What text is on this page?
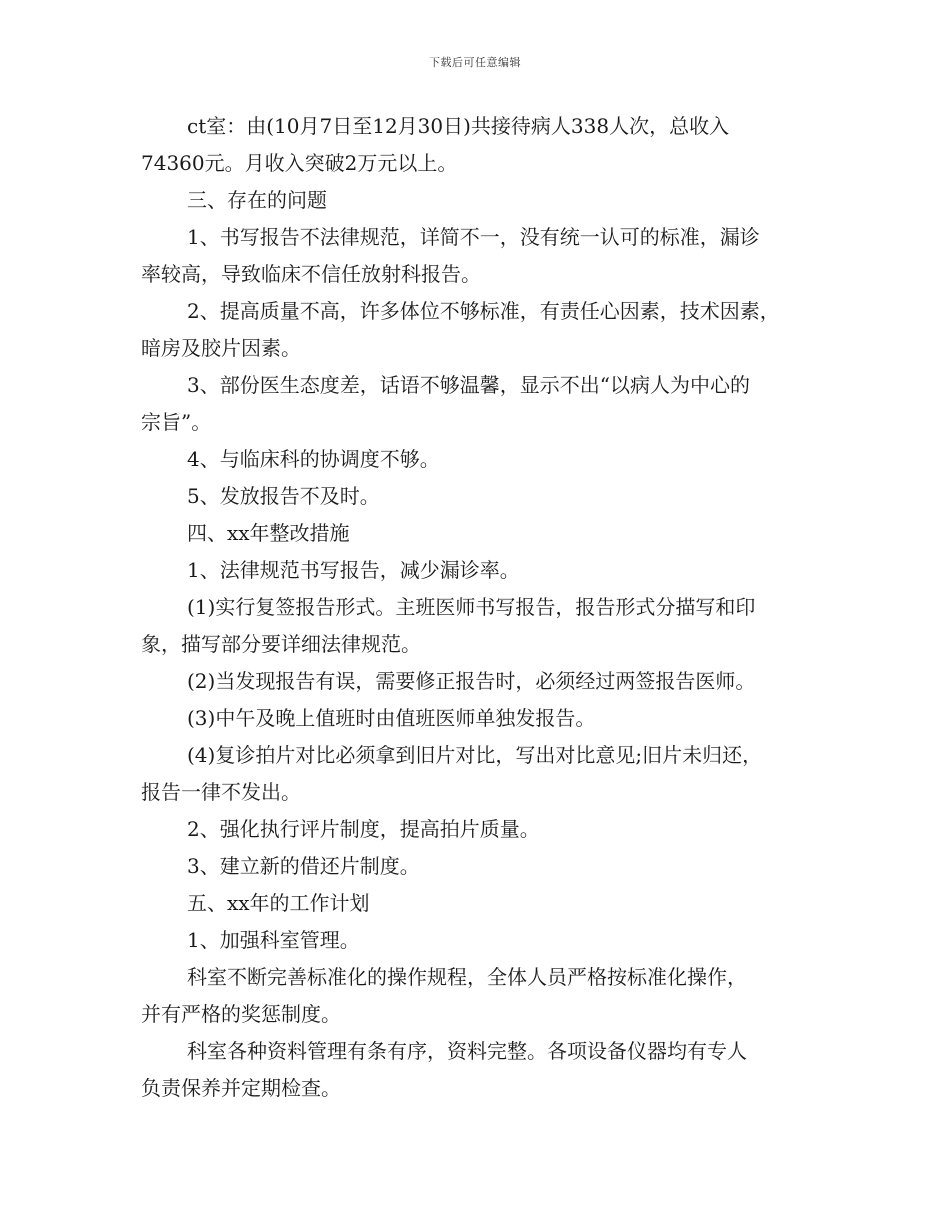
下载后可任意编辑

ct室：由(10月7日至12月30日)共接待病人338人次，总收入

74360元。月收入突破2万元以上。

三、存在的问题

1、书写报告不法律规范，详简不一，没有统一认可的标准，漏诊

率较高，导致临床不信任放射科报告。

2、提高质量不高，许多体位不够标准，有责任心因素，技术因素，

暗房及胶片因素。

3、部份医生态度差，话语不够温馨，显示不出“以病人为中心的

宗旨”。

4、与临床科的协调度不够。

5、发放报告不及时。

四、xx年整改措施

1、法律规范书写报告，减少漏诊率。

(1)实行复签报告形式。主班医师书写报告，报告形式分描写和印

象，描写部分要详细法律规范。

(2)当发现报告有误，需要修正报告时，必须经过两签报告医师。

(3)中午及晚上值班时由值班医师单独发报告。

(4)复诊拍片对比必须拿到旧片对比，写出对比意见;旧片未归还，

报告一律不发出。

2、强化执行评片制度，提高拍片质量。

3、建立新的借还片制度。

五、xx年的工作计划

1、加强科室管理。

科室不断完善标准化的操作规程，全体人员严格按标准化操作，

并有严格的奖惩制度。

科室各种资料管理有条有序，资料完整。各项设备仪器均有专人

负责保养并定期检查。
